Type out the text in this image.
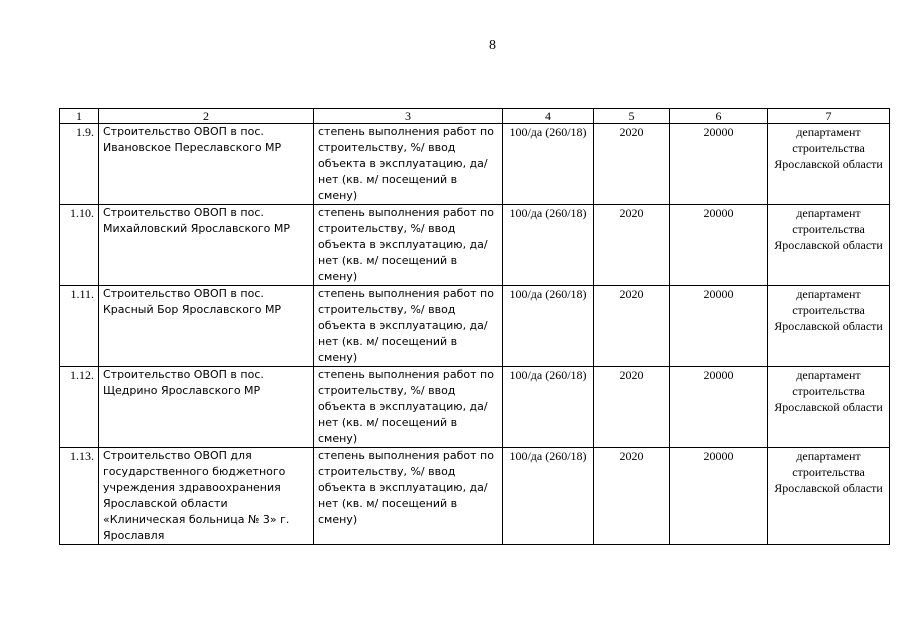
8
1	2	3	4	5	6	7
1.9.	Строительство ОВОП в пос. Ивановское Переславского МР	степень выполнения работ по строительству, %/ ввод объекта в эксплуатацию, да/ нет (кв. м/ посещений в смену)	100/да (260/18)	2020	20000	департамент строительства Ярославской области
1.10.	Строительство ОВОП в пос. Михайловский Ярославского МР	степень выполнения работ по строительству, %/ ввод объекта в эксплуатацию, да/ нет (кв. м/ посещений в смену)	100/да (260/18)	2020	20000	департамент строительства Ярославской области
1.11.	Строительство ОВОП в пос. Красный Бор Ярославского МР	степень выполнения работ по строительству, %/ ввод объекта в эксплуатацию, да/ нет (кв. м/ посещений в смену)	100/да (260/18)	2020	20000	департамент строительства Ярославской области
1.12.	Строительство ОВОП в пос. Щедрино Ярославского МР	степень выполнения работ по строительству, %/ ввод объекта в эксплуатацию, да/ нет (кв. м/ посещений в смену)	100/да (260/18)	2020	20000	департамент строительства Ярославской области
1.13.	Строительство ОВОП для государственного бюджетного учреждения здравоохранения Ярославской области «Клиническая больница № 3» г. Ярославля	степень выполнения работ по строительству, %/ ввод объекта в эксплуатацию, да/ нет (кв. м/ посещений в смену)	100/да (260/18)	2020	20000	департамент строительства Ярославской области
